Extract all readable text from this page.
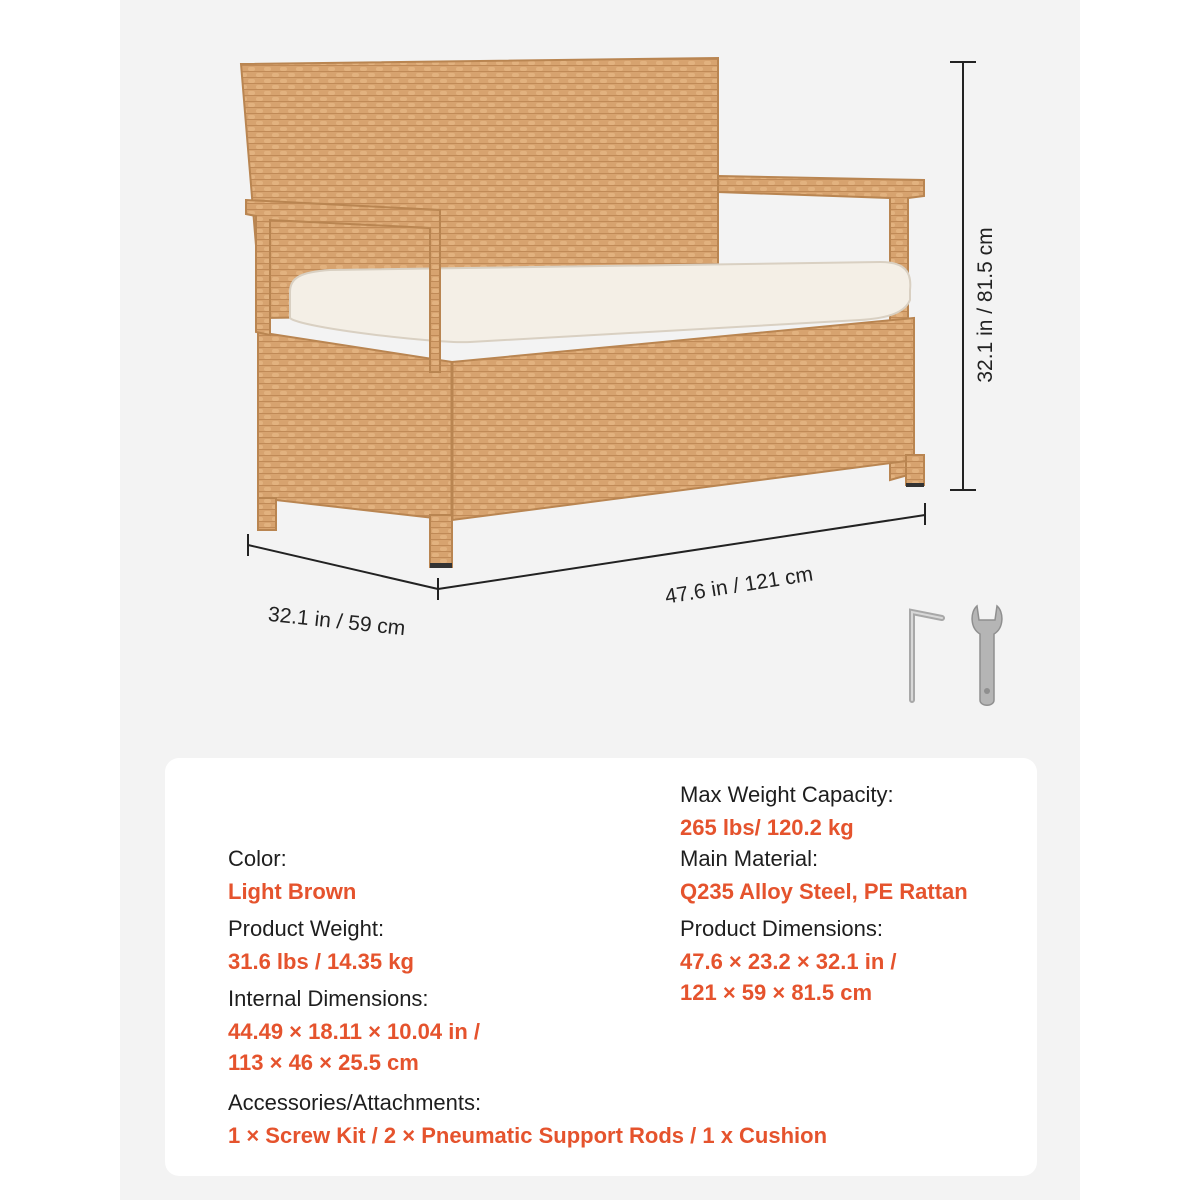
32.1 in / 81.5 cm
47.6 in / 121 cm
32.1 in / 59 cm
Max Weight Capacity:
265 lbs/ 120.2 kg
Main Material:
Q235 Alloy Steel, PE Rattan
Product Dimensions:
47.6 × 23.2 × 32.1 in /
121 × 59 × 81.5 cm
Color:
Light Brown
Product Weight:
31.6 lbs / 14.35 kg
Internal Dimensions:
44.49 × 18.11 × 10.04 in /
113 × 46 × 25.5 cm
Accessories/Attachments:
1 × Screw Kit / 2 × Pneumatic Support Rods / 1 x Cushion
